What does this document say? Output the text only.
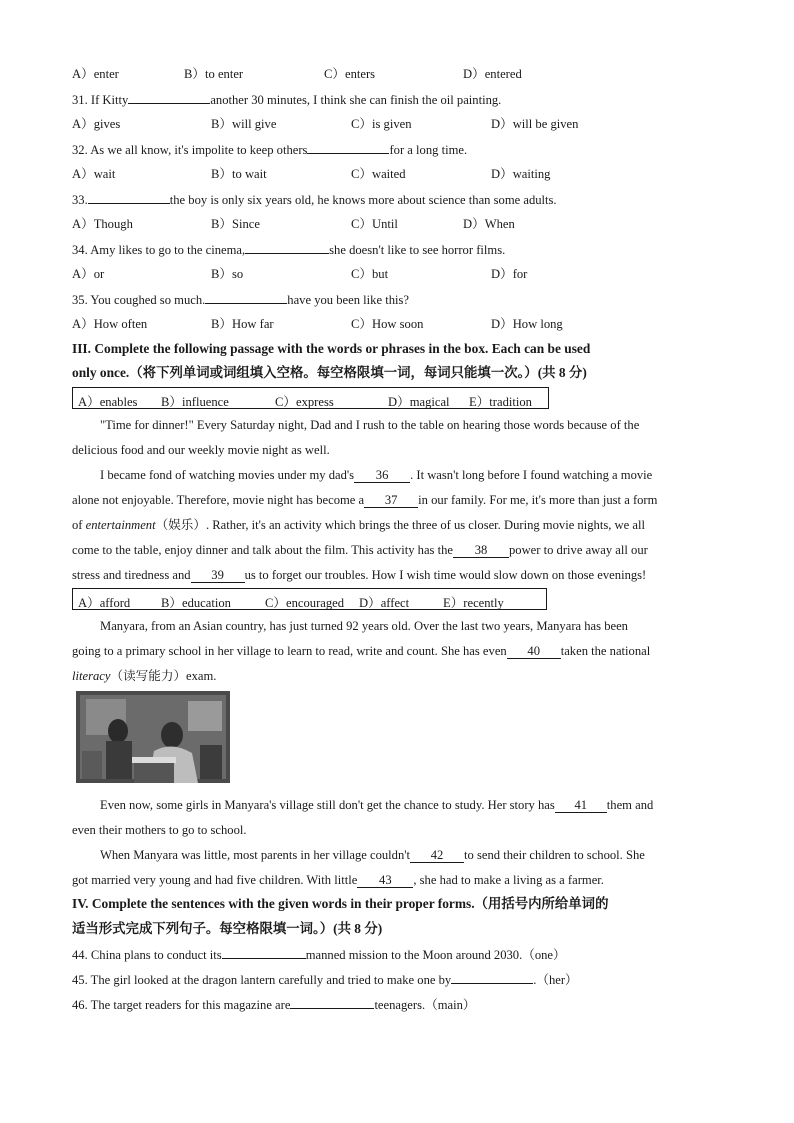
A）enter	B）to enter	C）enters	D）entered
31. If Kitty	another 30 minutes, I think she can finish the oil painting.
A）gives	B）will give	C）is given	D）will be given
32. As we all know, it's impolite to keep others	for a long time.
A）wait	B）to wait	C）waited	D）waiting
33.	the boy is only six years old, he knows more about science than some adults.
A）Though	B）Since	C）Until	D）When
34. Amy likes to go to the cinema,	she doesn't like to see horror films.
A）or	B）so	C）but	D）for
35. You coughed so much.	have you been like this?
A）How often	B）How far	C）How soon	D）How long
III. Complete the following passage with the words or phrases in the box. Each can be used
only once.（将下列单词或词组填入空格。每空格限填一词，每词只能填一次。）(共 8 分)
A）enables B）influence	C）express	D）magical E）tradition
"Time for dinner!" Every Saturday night, Dad and I rush to the table on hearing those words because of the
delicious food and our weekly movie night as well.
I became fond of watching movies under my dad's 36 . It wasn't long before I found watching a movie
alone not enjoyable. Therefore, movie night has become a 37 in our family. For me, it's more than just a form
of entertainment（娱乐）. Rather, it's an activity which brings the three of us closer. During movie nights, we all
come to the table, enjoy dinner and talk about the film. This activity has the 38 power to drive away all our
stress and tiredness and 39 us to forget our troubles. How I wish time would slow down on those evenings!
A）afford B）education	C）encouraged D）affect	E）recently
Manyara, from an Asian country, has just turned 92 years old. Over the last two years, Manyara has been
going to a primary school in her village to learn to read, write and count. She has even 40 taken the national
literacy（读写能力）exam.
Even now, some girls in Manyara's village still don't get the chance to study. Her story has 41 them and
even their mothers to go to school.
When Manyara was little, most parents in her village couldn't 42 to send their children to school. She
got married very young and had five children. With little 43 , she had to make a living as a farmer.
IV. Complete the sentences with the given words in their proper forms.（用括号内所给单词的
适当形式完成下列句子。每空格限填一词。）(共 8 分)
44. China plans to conduct its	manned mission to the Moon around 2030.（one）
45. The girl looked at the dragon lantern carefully and tried to make one by	.（her）
46. The target readers for this magazine are	teenagers.（main）
